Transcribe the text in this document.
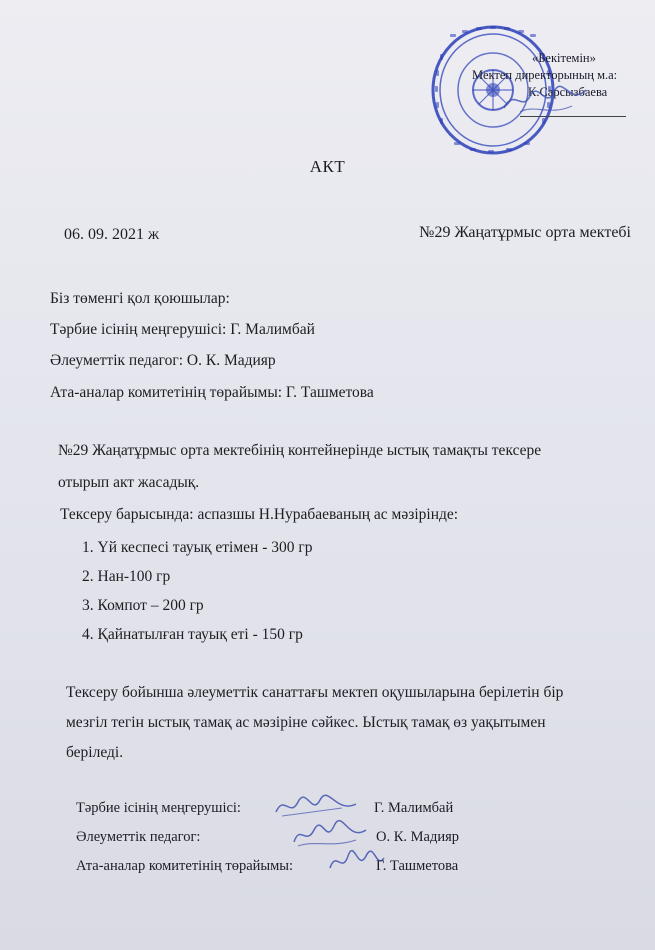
«Бекітемін»
Мектеп директорының м.а:
К.Сарсызбаева
АКТ
06. 09. 2021 ж	№29 Жаңатұрмыс орта мектебі
Біз төменгі қол қоюшылар:
Тәрбие ісінің меңгерушісі: Г. Малимбай
Әлеуметтік педагог: О. К. Мадияр
Ата-аналар комитетінің төрайымы: Г. Ташметова
№29 Жаңатұрмыс орта мектебінің контейнерінде ыстық тамақты тексере
отырып акт жасадық.
Тексеру барысында: аспазшы Н.Нурабаеваның ас мәзірінде:
1. Үй кеспесі тауық етімен - 300 гр
2. Нан-100 гр
3. Компот – 200 гр
4. Қайнатылған тауық еті - 150 гр
Тексеру бойынша әлеуметтік санаттағы мектеп оқушыларына берілетін бір
мезгіл тегін ыстық тамақ ас мәзіріне сәйкес. Ыстық тамақ өз уақытымен
беріледі.
Тәрбие ісінің меңгерушісі:	Г. Малимбай
Әлеуметтік педагог:	О. К. Мадияр
Ата-аналар комитетінің төрайымы:	Г. Ташметова
